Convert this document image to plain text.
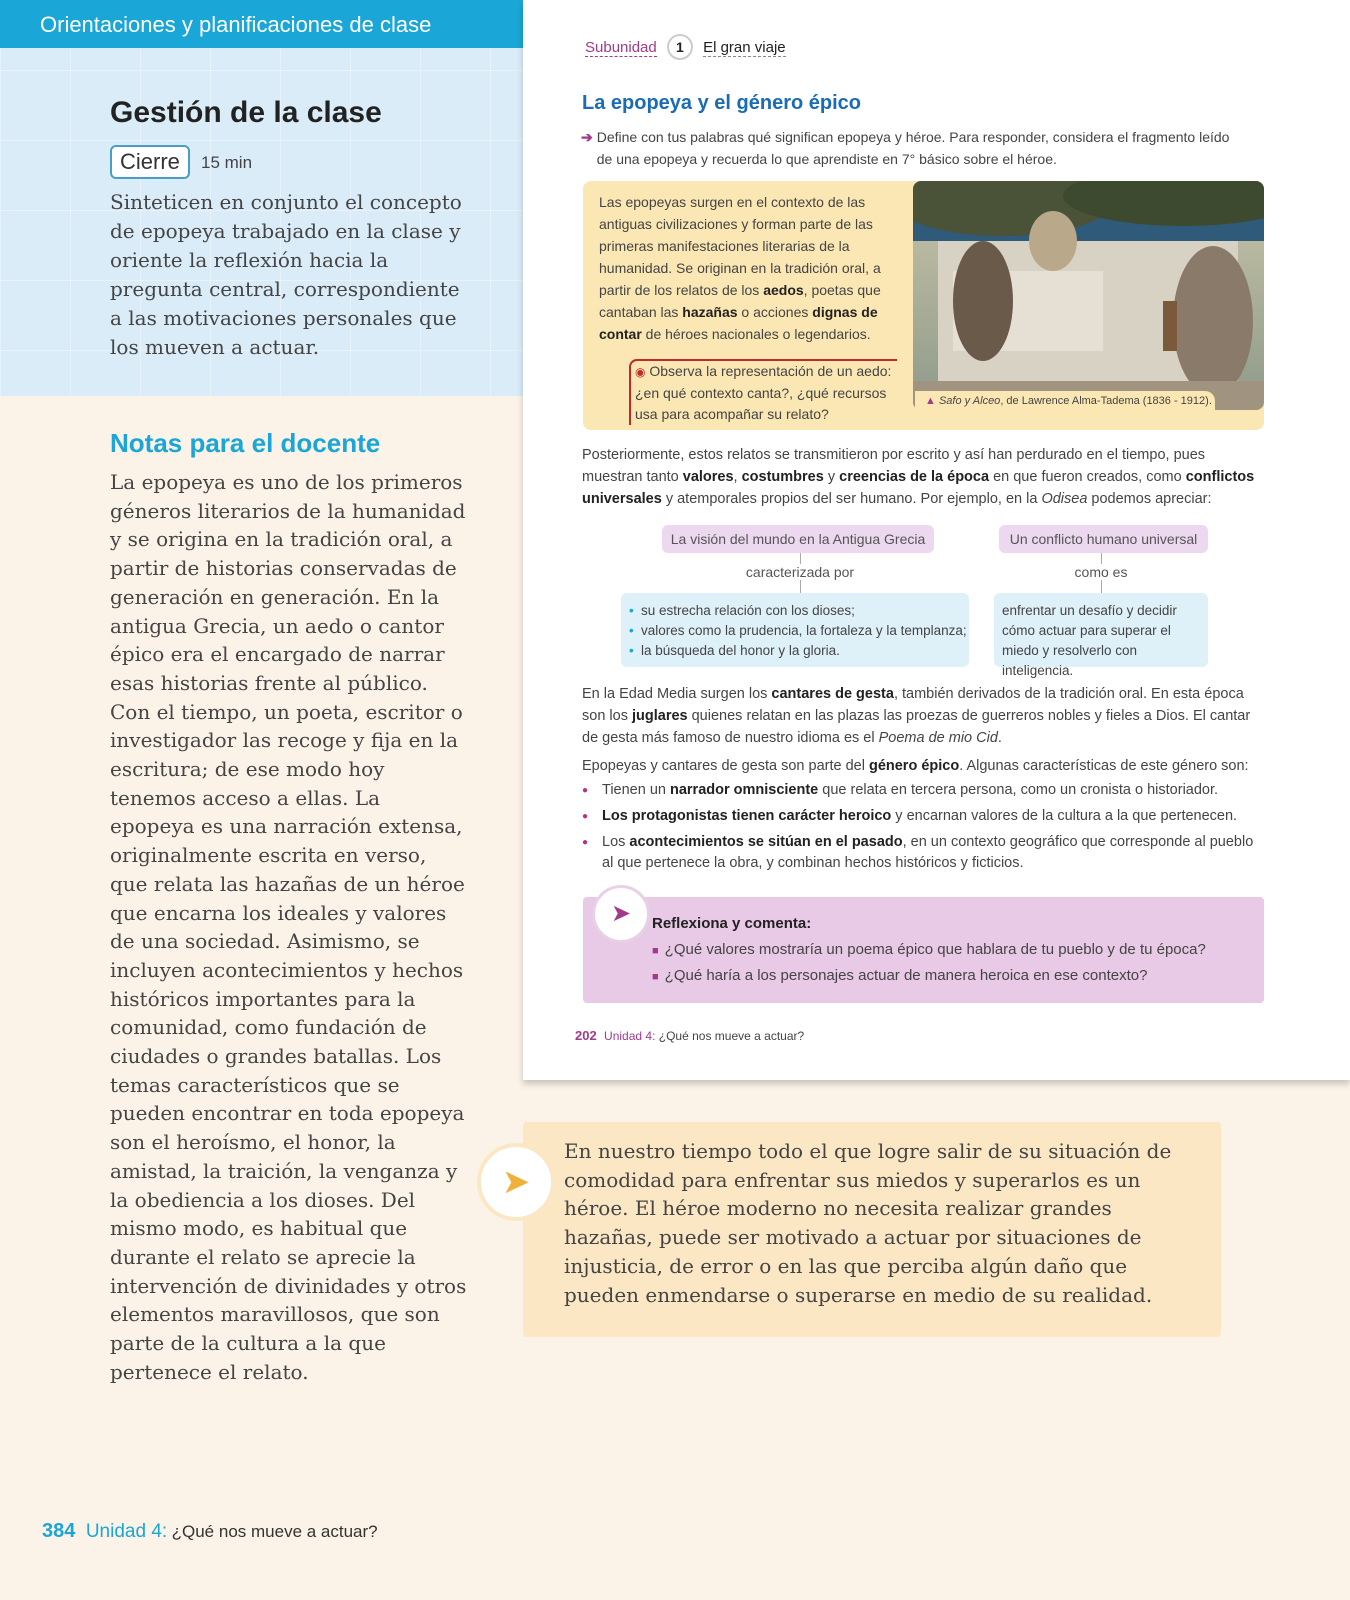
Orientaciones y planificaciones de clase
Gestión de la clase
Cierre	15 min
Sinteticen en conjunto el concepto de epopeya trabajado en la clase y oriente la reflexión hacia la pregunta central, correspondiente a las motivaciones personales que los mueven a actuar.
Notas para el docente
La epopeya es uno de los primeros géneros literarios de la humanidad y se origina en la tradición oral, a partir de historias conservadas de generación en generación. En la antigua Grecia, un aedo o cantor épico era el encargado de narrar esas historias frente al público. Con el tiempo, un poeta, escritor o investigador las recoge y fija en la escritura; de ese modo hoy tenemos acceso a ellas. La epopeya es una narración extensa, originalmente escrita en verso, que relata las hazañas de un héroe que encarna los ideales y valores de una sociedad. Asimismo, se incluyen acontecimientos y hechos históricos importantes para la comunidad, como fundación de ciudades o grandes batallas. Los temas característicos que se pueden encontrar en toda epopeya son el heroísmo, el honor, la amistad, la traición, la venganza y la obediencia a los dioses. Del mismo modo, es habitual que durante el relato se aprecie la intervención de divinidades y otros elementos maravillosos, que son parte de la cultura a la que pertenece el relato.
384 Unidad 4: ¿Qué nos mueve a actuar?
Subunidad 1 El gran viaje
La epopeya y el género épico
➔ Define con tus palabras qué significan epopeya y héroe. Para responder, considera el fragmento leído de una epopeya y recuerda lo que aprendiste en 7° básico sobre el héroe.
Las epopeyas surgen en el contexto de las antiguas civilizaciones y forman parte de las primeras manifestaciones literarias de la humanidad. Se originan en la tradición oral, a partir de los relatos de los aedos, poetas que cantaban las hazañas o acciones dignas de contar de héroes nacionales o legendarios.
◉ Observa la representación de un aedo: ¿en qué contexto canta?, ¿qué recursos usa para acompañar su relato?
▲ Safo y Alceo, de Lawrence Alma-Tadema (1836 - 1912).
Posteriormente, estos relatos se transmitieron por escrito y así han perdurado en el tiempo, pues muestran tanto valores, costumbres y creencias de la época en que fueron creados, como conflictos universales y atemporales propios del ser humano. Por ejemplo, en la Odisea podemos apreciar:
La visión del mundo en la Antigua Grecia
caracterizada por
• su estrecha relación con los dioses;
• valores como la prudencia, la fortaleza y la templanza;
• la búsqueda del honor y la gloria.
Un conflicto humano universal
como es
enfrentar un desafío y decidir cómo actuar para superar el miedo y resolverlo con inteligencia.
En la Edad Media surgen los cantares de gesta, también derivados de la tradición oral. En esta época son los juglares quienes relatan en las plazas las proezas de guerreros nobles y fieles a Dios. El cantar de gesta más famoso de nuestro idioma es el Poema de mio Cid.
Epopeyas y cantares de gesta son parte del género épico. Algunas características de este género son:
● Tienen un narrador omnisciente que relata en tercera persona, como un cronista o historiador.
● Los protagonistas tienen carácter heroico y encarnan valores de la cultura a la que pertenecen.
● Los acontecimientos se sitúan en el pasado, en un contexto geográfico que corresponde al pueblo al que pertenece la obra, y combinan hechos históricos y ficticios.
➤	Reflexiona y comenta:
■ ¿Qué valores mostraría un poema épico que hablara de tu pueblo y de tu época?
■ ¿Qué haría a los personajes actuar de manera heroica en ese contexto?
202 Unidad 4: ¿Qué nos mueve a actuar?
➤
En nuestro tiempo todo el que logre salir de su situación de comodidad para enfrentar sus miedos y superarlos es un héroe. El héroe moderno no necesita realizar grandes hazañas, puede ser motivado a actuar por situaciones de injusticia, de error o en las que perciba algún daño que pueden enmendarse o superarse en medio de su realidad.
